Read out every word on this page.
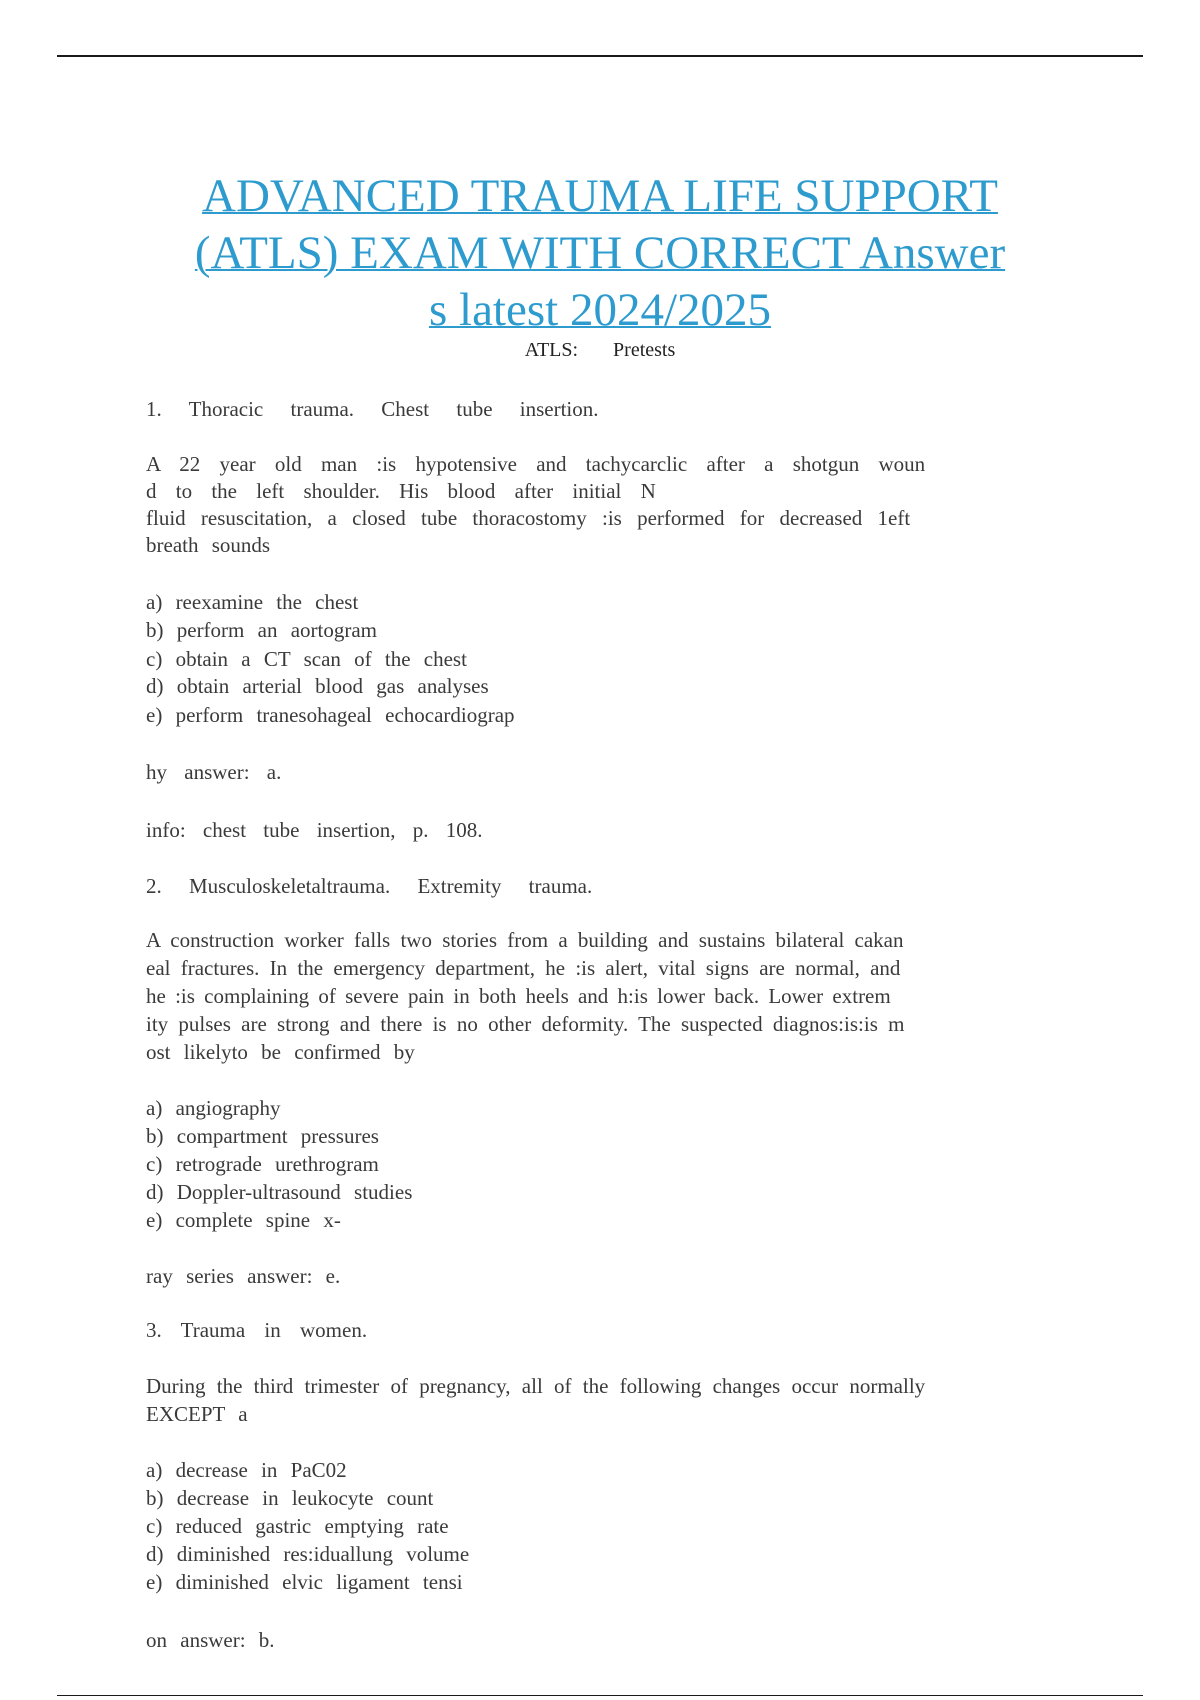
ADVANCED TRAUMA LIFE SUPPORT
(ATLS) EXAM WITH CORRECT Answer
s latest 2024/2025
ATLS: Pretests
1. Thoracic trauma. Chest tube insertion.
A 22 year old man :is hypotensive and tachycarclic after a shotgun woun
d to the left shoulder. His blood after initial N
fluid resuscitation, a closed tube thoracostomy :is performed for decreased 1eft
breath sounds
a) reexamine the chest
b) perform an aortogram
c) obtain a CT scan of the chest
d) obtain arterial blood gas analyses
e) perform tranesohageal echocardiograp
hy answer: a.
info: chest tube insertion, p. 108.
2. Musculoskeletaltrauma. Extremity trauma.
A construction worker falls two stories from a building and sustains bilateral cakan
eal fractures. In the emergency department, he :is alert, vital signs are normal, and
he :is complaining of severe pain in both heels and h:is lower back. Lower extrem
ity pulses are strong and there is no other deformity. The suspected diagnos:is:is m
ost likelyto be confirmed by
a) angiography
b) compartment pressures
c) retrograde urethrogram
d) Doppler-ultrasound studies
e) complete spine x-
ray series answer: e.
3. Trauma in women.
During the third trimester of pregnancy, all of the following changes occur normally
EXCEPT a
a) decrease in PaC02
b) decrease in leukocyte count
c) reduced gastric emptying rate
d) diminished res:iduallung volume
e) diminished elvic ligament tensi
on answer: b.
